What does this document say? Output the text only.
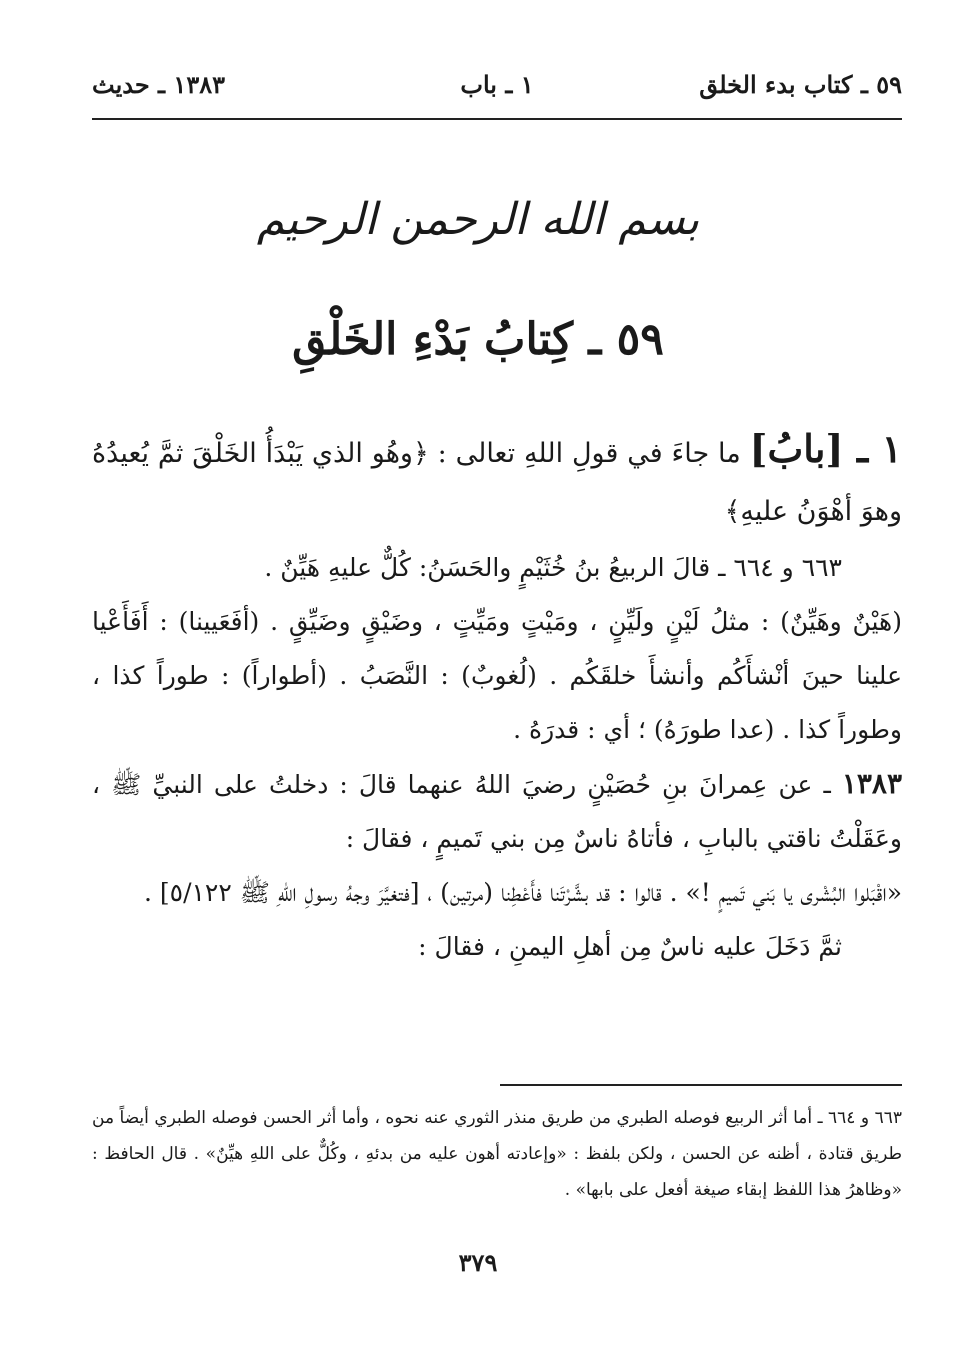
٥٩ ـ كتاب بدء الخلق
١ ـ باب
١٣٨٣ ـ حديث
بسم الله الرحمن الرحيم
٥٩ ـ كِتابُ بَدْءِ الخَلْقِ

١ ـ [بابُ] ما جاءَ في قولِ اللهِ تعالى : ﴿وهُو الذي يَبْدَأُ الخَلْقَ ثمَّ يُعيدُهُ وهوَ أهْوَنُ عليهِ﴾

٦٦٣ و ٦٦٤ ـ قالَ الربيعُ بنُ خُثَيْمٍ والحَسَنُ: كُلٌّ عليهِ هَيِّنٌ .

(هَيْنٌ وهَيِّنٌ) : مثلُ لَيْنٍ ولَيِّنٍ ، ومَيْتٍ ومَيِّتٍ ، وضَيْقٍ وضَيِّقٍ . (أفَعَيينا) : أَفَأَعْيا علينا حينَ أنْشأَكُم وأنشأَ خلقَكُم . (لُغوبٌ) : النَّصَبُ . (أطواراً) : طوراً كذا ، وطوراً كذا . (عدا طورَهُ) ؛ أي : قدرَهُ .

١٣٨٣ ـ عن عِمرانَ بنِ حُصَيْنٍ رضيَ اللهُ عنهما قالَ : دخلتُ على النبيِّ ﷺ ، وعَقَلْتُ ناقتي بالبابِ ، فأتاهُ ناسٌ مِن بني تَميمٍ ، فقالَ :

«اقْبَلوا البُشْرى يا بَني تَميمٍ !» . قالوا : قد بشَّرْتَنا فأَعْطِنا (مرتين) ، [فتغيَّرَ وجهُ رسولِ اللهِ ﷺ ٥/١٢٢] .

ثمَّ دَخَلَ عليه ناسٌ مِن أهلِ اليمنِ ، فقالَ :

٦٦٣ و ٦٦٤ ـ أما أثر الربيع فوصله الطبري من طريق منذر الثوري عنه نحوه ، وأما أثر الحسن فوصله الطبري أيضاً من طريق قتادة ، أظنه عن الحسن ، ولكن بلفظ : «وإعادته أهون عليه من بدئهِ ، وكُلٌّ على اللهِ هيِّنٌ» . قال الحافظ : «وظاهرُ هذا اللفظ إبقاء صيغة أفعل على بابها» .
٣٧٩
